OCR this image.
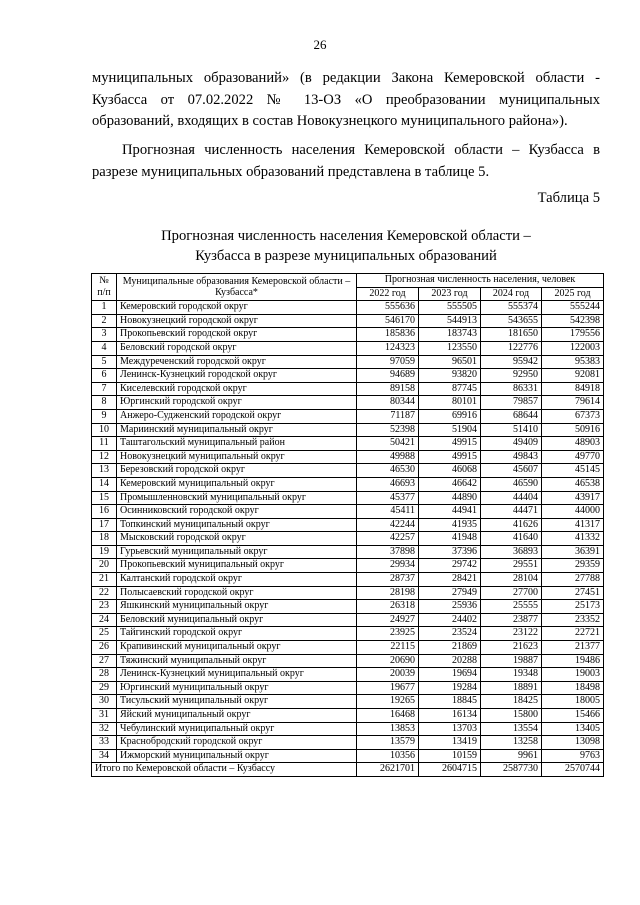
26

муниципальных образований» (в редакции Закона Кемеровской области - Кузбасса от 07.02.2022 № 13-ОЗ «О преобразовании муниципальных образований, входящих в состав Новокузнецкого муниципального района»).

Прогнозная численность населения Кемеровской области – Кузбасса в разрезе муниципальных образований представлена в таблице 5.

Таблица 5
Прогнозная численность населения Кемеровской области –
Кузбасса в разрезе муниципальных образований
№
п/п	Муниципальные образования Кемеровской области – Кузбасса*	Прогнозная численность населения, человек			
		2022 год	2023 год	2024 год	2025 год
1	Кемеровский городской округ	555636	555505	555374	555244
2	Новокузнецкий городской округ	546170	544913	543655	542398
3	Прокопьевский городской округ	185836	183743	181650	179556
4	Беловский городской округ	124323	123550	122776	122003
5	Междуреченский городской округ	97059	96501	95942	95383
6	Ленинск-Кузнецкий городской округ	94689	93820	92950	92081
7	Киселевский городской округ	89158	87745	86331	84918
8	Юргинский городской округ	80344	80101	79857	79614
9	Анжеро-Судженский городской округ	71187	69916	68644	67373
10	Мариинский муниципальный округ	52398	51904	51410	50916
11	Таштагольский муниципальный район	50421	49915	49409	48903
12	Новокузнецкий муниципальный округ	49988	49915	49843	49770
13	Березовский городской округ	46530	46068	45607	45145
14	Кемеровский муниципальный округ	46693	46642	46590	46538
15	Промышленновский муниципальный округ	45377	44890	44404	43917
16	Осинниковский городской округ	45411	44941	44471	44000
17	Топкинский муниципальный округ	42244	41935	41626	41317
18	Мысковский городской округ	42257	41948	41640	41332
19	Гурьевский муниципальный округ	37898	37396	36893	36391
20	Прокопьевский муниципальный округ	29934	29742	29551	29359
21	Калтанский городской округ	28737	28421	28104	27788
22	Полысаевский городской округ	28198	27949	27700	27451
23	Яшкинский муниципальный округ	26318	25936	25555	25173
24	Беловский муниципальный округ	24927	24402	23877	23352
25	Тайгинский городской округ	23925	23524	23122	22721
26	Крапивинский муниципальный округ	22115	21869	21623	21377
27	Тяжинский муниципальный округ	20690	20288	19887	19486
28	Ленинск-Кузнецкий муниципальный округ	20039	19694	19348	19003
29	Юргинский муниципальный округ	19677	19284	18891	18498
30	Тисульский муниципальный округ	19265	18845	18425	18005
31	Яйский муниципальный округ	16468	16134	15800	15466
32	Чебулинский муниципальный округ	13853	13703	13554	13405
33	Краснобродский городской округ	13579	13419	13258	13098
34	Ижморский муниципальный округ	10356	10159	9961	9763
Итого по Кемеровской области – Кузбассу		2621701	2604715	2587730	2570744
